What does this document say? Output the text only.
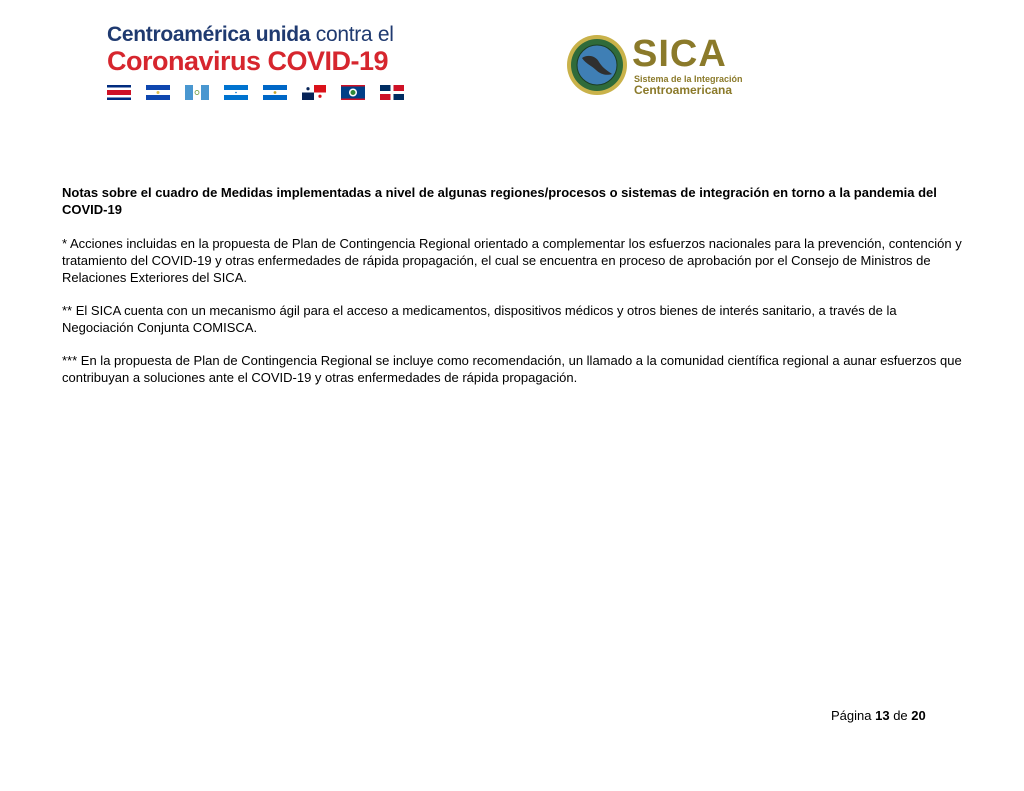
Centroamérica unida contra el
Coronavirus COVID-19	SICA
Sistema de la Integración
Centroamericana

Notas sobre el cuadro de Medidas implementadas a nivel de algunas regiones/procesos o sistemas de integración en torno a la pandemia del COVID-19

* Acciones incluidas en la propuesta de Plan de Contingencia Regional orientado a complementar los esfuerzos nacionales para la prevención, contención y tratamiento del COVID-19 y otras enfermedades de rápida propagación, el cual se encuentra en proceso de aprobación por el Consejo de Ministros de Relaciones Exteriores del SICA.

** El SICA cuenta con un mecanismo ágil para el acceso a medicamentos, dispositivos médicos y otros bienes de interés sanitario, a través de la Negociación Conjunta COMISCA.

*** En la propuesta de Plan de Contingencia Regional se incluye como recomendación, un llamado a la comunidad científica regional a aunar esfuerzos que contribuyan a soluciones ante el COVID-19 y otras enfermedades de rápida propagación.

Página 13 de 20
